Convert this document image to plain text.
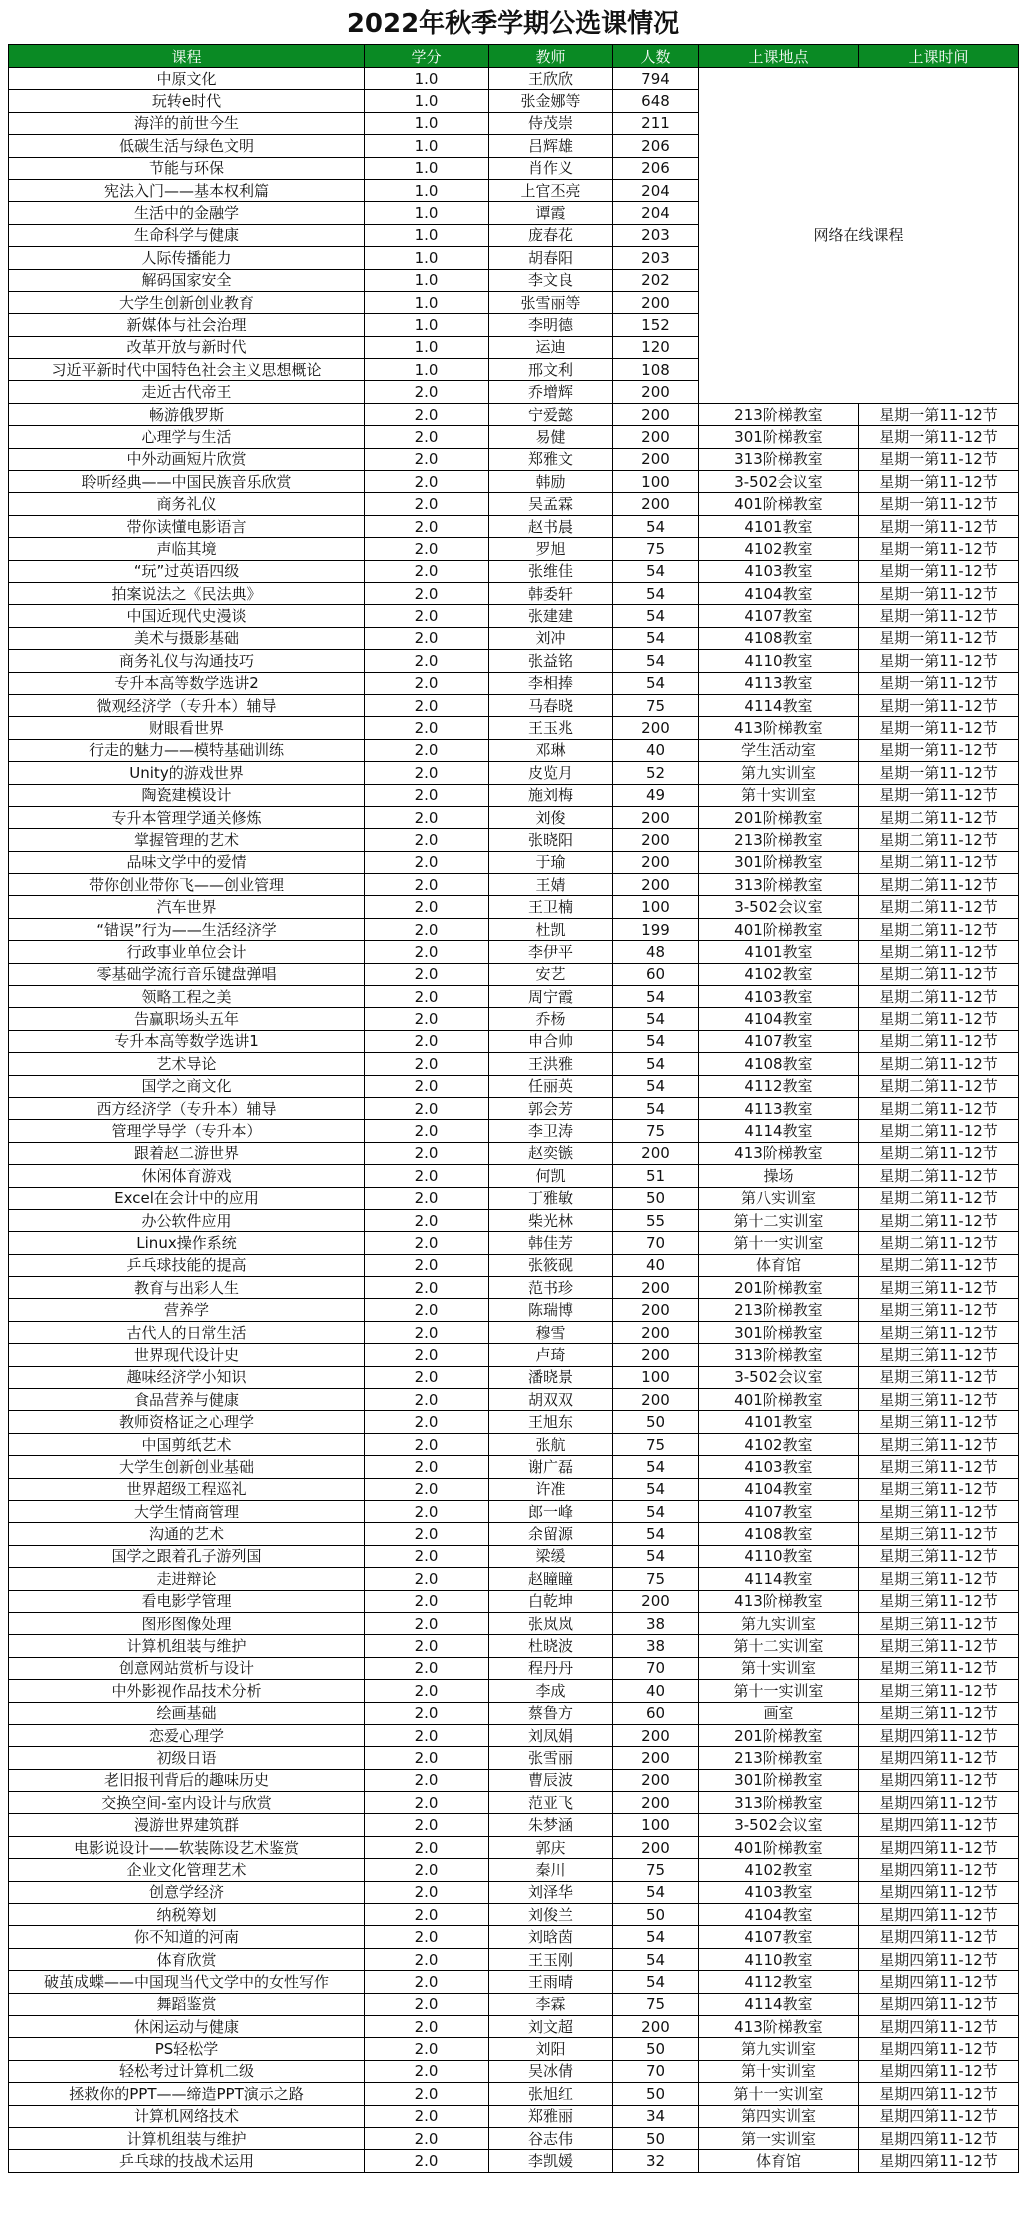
2022年秋季学期公选课情况
课程	学分	教师	人数	上课地点	上课时间
中原文化	1.0	王欣欣	794	网络在线课程	
玩转e时代	1.0	张金娜等	648		
海洋的前世今生	1.0	侍茂崇	211		
低碳生活与绿色文明	1.0	吕辉雄	206		
节能与环保	1.0	肖作义	206		
宪法入门——基本权利篇	1.0	上官丕亮	204		
生活中的金融学	1.0	谭霞	204		
生命科学与健康	1.0	庞春花	203		
人际传播能力	1.0	胡春阳	203		
解码国家安全	1.0	李文良	202		
大学生创新创业教育	1.0	张雪丽等	200		
新媒体与社会治理	1.0	李明德	152		
改革开放与新时代	1.0	运迪	120		
习近平新时代中国特色社会主义思想概论	1.0	邢文利	108		
走近古代帝王	2.0	乔增辉	200		
畅游俄罗斯	2.0	宁爱懿	200	213阶梯教室	星期一第11-12节
心理学与生活	2.0	易健	200	301阶梯教室	星期一第11-12节
中外动画短片欣赏	2.0	郑雅文	200	313阶梯教室	星期一第11-12节
聆听经典——中国民族音乐欣赏	2.0	韩励	100	3-502会议室	星期一第11-12节
商务礼仪	2.0	吴孟霖	200	401阶梯教室	星期一第11-12节
带你读懂电影语言	2.0	赵书晨	54	4101教室	星期一第11-12节
声临其境	2.0	罗旭	75	4102教室	星期一第11-12节
“玩”过英语四级	2.0	张维佳	54	4103教室	星期一第11-12节
拍案说法之《民法典》	2.0	韩委轩	54	4104教室	星期一第11-12节
中国近现代史漫谈	2.0	张建建	54	4107教室	星期一第11-12节
美术与摄影基础	2.0	刘冲	54	4108教室	星期一第11-12节
商务礼仪与沟通技巧	2.0	张益铭	54	4110教室	星期一第11-12节
专升本高等数学选讲2	2.0	李相捧	54	4113教室	星期一第11-12节
微观经济学（专升本）辅导	2.0	马春晓	75	4114教室	星期一第11-12节
财眼看世界	2.0	王玉兆	200	413阶梯教室	星期一第11-12节
行走的魅力——模特基础训练	2.0	邓琳	40	学生活动室	星期一第11-12节
Unity的游戏世界	2.0	皮览月	52	第九实训室	星期一第11-12节
陶瓷建模设计	2.0	施刘梅	49	第十实训室	星期一第11-12节
专升本管理学通关修炼	2.0	刘俊	200	201阶梯教室	星期二第11-12节
掌握管理的艺术	2.0	张晓阳	200	213阶梯教室	星期二第11-12节
品味文学中的爱情	2.0	于瑜	200	301阶梯教室	星期二第11-12节
带你创业带你飞——创业管理	2.0	王婧	200	313阶梯教室	星期二第11-12节
汽车世界	2.0	王卫楠	100	3-502会议室	星期二第11-12节
“错误”行为——生活经济学	2.0	杜凯	199	401阶梯教室	星期二第11-12节
行政事业单位会计	2.0	李伊平	48	4101教室	星期二第11-12节
零基础学流行音乐键盘弹唱	2.0	安艺	60	4102教室	星期二第11-12节
领略工程之美	2.0	周宁霞	54	4103教室	星期二第11-12节
告赢职场头五年	2.0	乔杨	54	4104教室	星期二第11-12节
专升本高等数学选讲1	2.0	申合帅	54	4107教室	星期二第11-12节
艺术导论	2.0	王洪雅	54	4108教室	星期二第11-12节
国学之商文化	2.0	任丽英	54	4112教室	星期二第11-12节
西方经济学（专升本）辅导	2.0	郭会芳	54	4113教室	星期二第11-12节
管理学导学（专升本）	2.0	李卫涛	75	4114教室	星期二第11-12节
跟着赵二游世界	2.0	赵奕镞	200	413阶梯教室	星期二第11-12节
休闲体育游戏	2.0	何凯	51	操场	星期二第11-12节
Excel在会计中的应用	2.0	丁雅敏	50	第八实训室	星期二第11-12节
办公软件应用	2.0	柴光林	55	第十二实训室	星期二第11-12节
Linux操作系统	2.0	韩佳芳	70	第十一实训室	星期二第11-12节
乒乓球技能的提高	2.0	张筱砚	40	体育馆	星期二第11-12节
教育与出彩人生	2.0	范书珍	200	201阶梯教室	星期三第11-12节
营养学	2.0	陈瑞博	200	213阶梯教室	星期三第11-12节
古代人的日常生活	2.0	穆雪	200	301阶梯教室	星期三第11-12节
世界现代设计史	2.0	卢琦	200	313阶梯教室	星期三第11-12节
趣味经济学小知识	2.0	潘晓景	100	3-502会议室	星期三第11-12节
食品营养与健康	2.0	胡双双	200	401阶梯教室	星期三第11-12节
教师资格证之心理学	2.0	王旭东	50	4101教室	星期三第11-12节
中国剪纸艺术	2.0	张航	75	4102教室	星期三第11-12节
大学生创新创业基础	2.0	谢广磊	54	4103教室	星期三第11-12节
世界超级工程巡礼	2.0	许准	54	4104教室	星期三第11-12节
大学生情商管理	2.0	郎一峰	54	4107教室	星期三第11-12节
沟通的艺术	2.0	余留源	54	4108教室	星期三第11-12节
国学之跟着孔子游列国	2.0	梁缓	54	4110教室	星期三第11-12节
走进辩论	2.0	赵瞳瞳	75	4114教室	星期三第11-12节
看电影学管理	2.0	白乾坤	200	413阶梯教室	星期三第11-12节
图形图像处理	2.0	张岚岚	38	第九实训室	星期三第11-12节
计算机组装与维护	2.0	杜晓波	38	第十二实训室	星期三第11-12节
创意网站赏析与设计	2.0	程丹丹	70	第十实训室	星期三第11-12节
中外影视作品技术分析	2.0	李成	40	第十一实训室	星期三第11-12节
绘画基础	2.0	蔡鲁方	60	画室	星期三第11-12节
恋爱心理学	2.0	刘凤娟	200	201阶梯教室	星期四第11-12节
初级日语	2.0	张雪丽	200	213阶梯教室	星期四第11-12节
老旧报刊背后的趣味历史	2.0	曹辰波	200	301阶梯教室	星期四第11-12节
交换空间-室内设计与欣赏	2.0	范亚飞	200	313阶梯教室	星期四第11-12节
漫游世界建筑群	2.0	朱梦涵	100	3-502会议室	星期四第11-12节
电影说设计——软装陈设艺术鉴赏	2.0	郭庆	200	401阶梯教室	星期四第11-12节
企业文化管理艺术	2.0	秦川	75	4102教室	星期四第11-12节
创意学经济	2.0	刘泽华	54	4103教室	星期四第11-12节
纳税筹划	2.0	刘俊兰	50	4104教室	星期四第11-12节
你不知道的河南	2.0	刘晗茵	54	4107教室	星期四第11-12节
体育欣赏	2.0	王玉刚	54	4110教室	星期四第11-12节
破茧成蝶——中国现当代文学中的女性写作	2.0	王雨晴	54	4112教室	星期四第11-12节
舞蹈鉴赏	2.0	李霖	75	4114教室	星期四第11-12节
休闲运动与健康	2.0	刘文超	200	413阶梯教室	星期四第11-12节
PS轻松学	2.0	刘阳	50	第九实训室	星期四第11-12节
轻松考过计算机二级	2.0	吴冰倩	70	第十实训室	星期四第11-12节
拯救你的PPT——缔造PPT演示之路	2.0	张旭红	50	第十一实训室	星期四第11-12节
计算机网络技术	2.0	郑雅丽	34	第四实训室	星期四第11-12节
计算机组装与维护	2.0	谷志伟	50	第一实训室	星期四第11-12节
乒乓球的技战术运用	2.0	李凯媛	32	体育馆	星期四第11-12节
